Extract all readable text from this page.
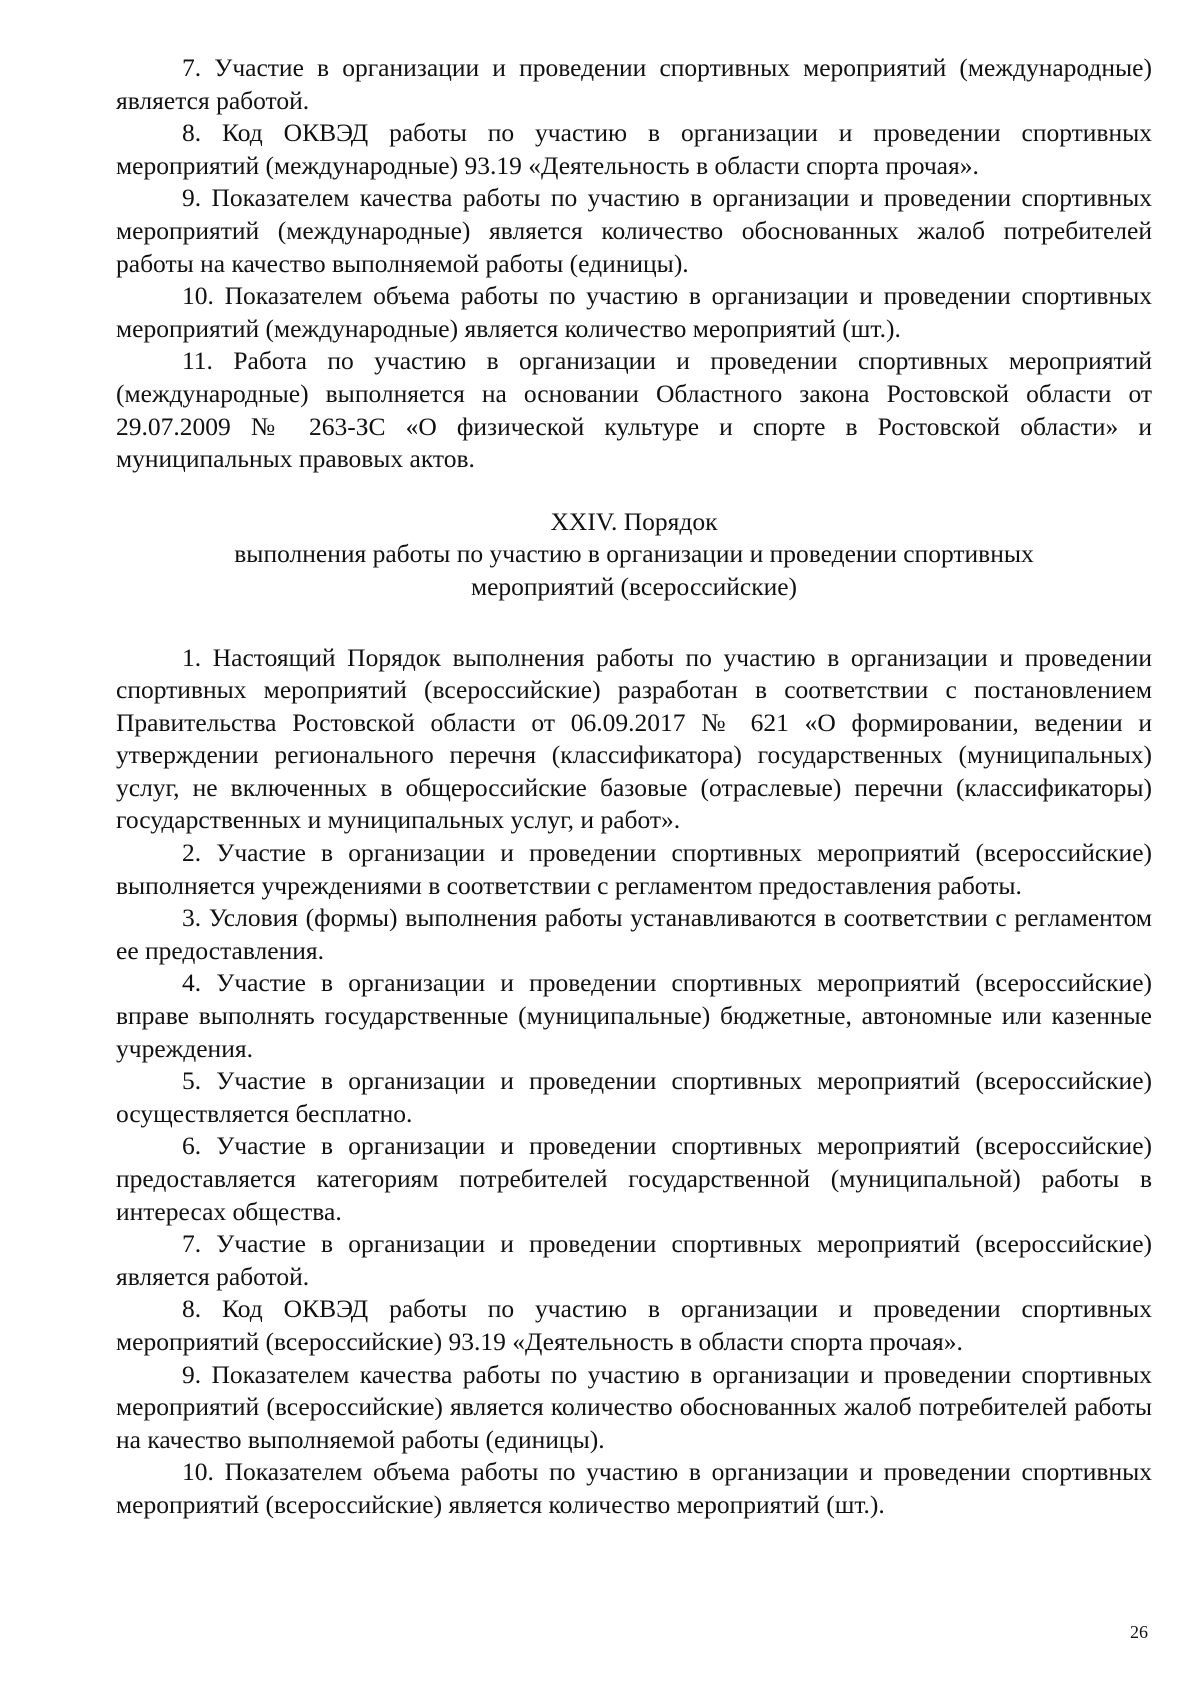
7. Участие в организации и проведении спортивных мероприятий (международные) является работой.

8. Код ОКВЭД работы по участию в организации и проведении спортивных мероприятий (международные) 93.19 «Деятельность в области спорта прочая».

9. Показателем качества работы по участию в организации и проведении спортивных мероприятий (международные) является количество обоснованных жалоб потребителей работы на качество выполняемой работы (единицы).

10. Показателем объема работы по участию в организации и проведении спортивных мероприятий (международные) является количество мероприятий (шт.).

11. Работа по участию в организации и проведении спортивных мероприятий (международные) выполняется на основании Областного закона Ростовской области от 29.07.2009 № 263-ЗС «О физической культуре и спорте в Ростовской области» и муниципальных правовых актов.

XXIV. Порядок
выполнения работы по участию в организации и проведении спортивных
мероприятий (всероссийские)

1. Настоящий Порядок выполнения работы по участию в организации и проведении спортивных мероприятий (всероссийские) разработан в соответствии с постановлением Правительства Ростовской области от 06.09.2017 № 621 «О формировании, ведении и утверждении регионального перечня (классификатора) государственных (муниципальных) услуг, не включенных в общероссийские базовые (отраслевые) перечни (классификаторы) государственных и муниципальных услуг, и работ».

2. Участие в организации и проведении спортивных мероприятий (всероссийские) выполняется учреждениями в соответствии с регламентом предоставления работы.

3. Условия (формы) выполнения работы устанавливаются в соответствии с регламентом ее предоставления.

4. Участие в организации и проведении спортивных мероприятий (всероссийские) вправе выполнять государственные (муниципальные) бюджетные, автономные или казенные учреждения.

5. Участие в организации и проведении спортивных мероприятий (всероссийские) осуществляется бесплатно.

6. Участие в организации и проведении спортивных мероприятий (всероссийские) предоставляется категориям потребителей государственной (муниципальной) работы в интересах общества.

7. Участие в организации и проведении спортивных мероприятий (всероссийские) является работой.

8. Код ОКВЭД работы по участию в организации и проведении спортивных мероприятий (всероссийские) 93.19 «Деятельность в области спорта прочая».

9. Показателем качества работы по участию в организации и проведении спортивных мероприятий (всероссийские) является количество обоснованных жалоб потребителей работы на качество выполняемой работы (единицы).

10. Показателем объема работы по участию в организации и проведении спортивных мероприятий (всероссийские) является количество мероприятий (шт.).

26
